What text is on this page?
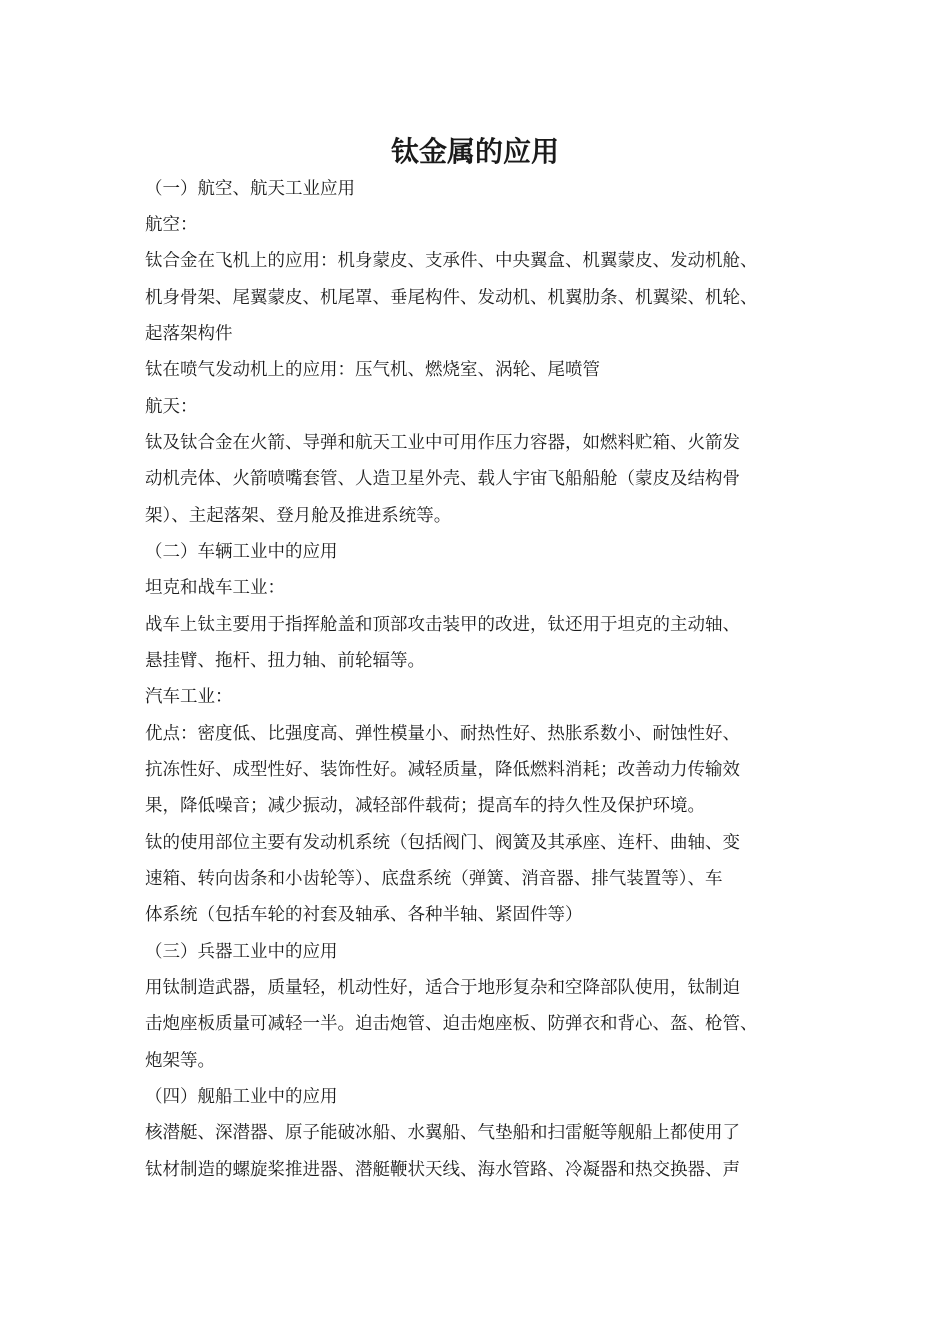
钛金属的应用

（一）航空、航天工业应用

航空：

钛合金在飞机上的应用：机身蒙皮、支承件、中央翼盒、机翼蒙皮、发动机舱、

机身骨架、尾翼蒙皮、机尾罩、垂尾构件、发动机、机翼肋条、机翼梁、机轮、

起落架构件

钛在喷气发动机上的应用：压气机、燃烧室、涡轮、尾喷管

航天：

钛及钛合金在火箭、导弹和航天工业中可用作压力容器，如燃料贮箱、火箭发

动机壳体、火箭喷嘴套管、人造卫星外壳、载人宇宙飞船船舱（蒙皮及结构骨

架）、主起落架、登月舱及推进系统等。

（二）车辆工业中的应用

坦克和战车工业：

战车上钛主要用于指挥舱盖和顶部攻击装甲的改进，钛还用于坦克的主动轴、

悬挂臂、拖杆、扭力轴、前轮辐等。

汽车工业：

优点：密度低、比强度高、弹性模量小、耐热性好、热胀系数小、耐蚀性好、

抗冻性好、成型性好、装饰性好。减轻质量，降低燃料消耗；改善动力传输效

果，降低噪音；减少振动，减轻部件载荷；提高车的持久性及保护环境。

钛的使用部位主要有发动机系统（包括阀门、阀簧及其承座、连杆、曲轴、变

速箱、转向齿条和小齿轮等）、底盘系统（弹簧、消音器、排气装置等）、车

体系统（包括车轮的衬套及轴承、各种半轴、紧固件等）

（三）兵器工业中的应用

用钛制造武器，质量轻，机动性好，适合于地形复杂和空降部队使用，钛制迫

击炮座板质量可减轻一半。迫击炮管、迫击炮座板、防弹衣和背心、盔、枪管、

炮架等。

（四）舰船工业中的应用

核潜艇、深潜器、原子能破冰船、水翼船、气垫船和扫雷艇等舰船上都使用了

钛材制造的螺旋桨推进器、潜艇鞭状天线、海水管路、冷凝器和热交换器、声
